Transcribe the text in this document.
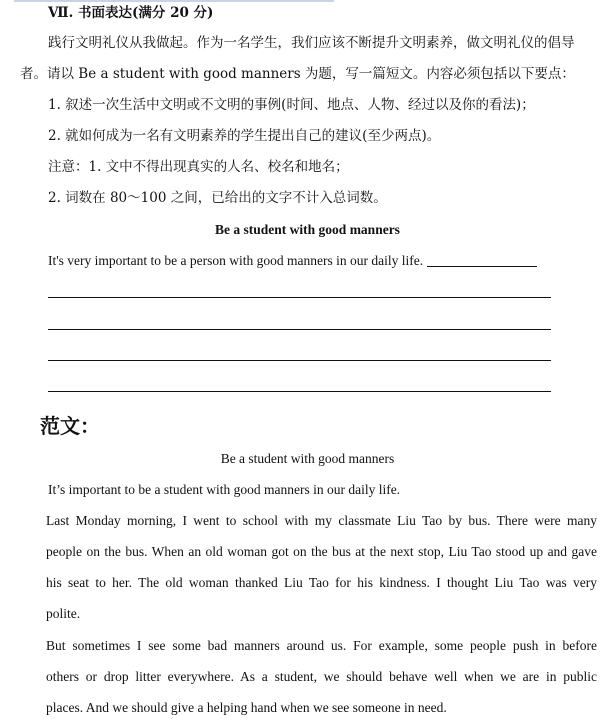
Ⅶ. 书面表达(满分 20 分)
践行文明礼仪从我做起。作为一名学生，我们应该不断提升文明素养，做文明礼仪的倡导
者。请以 Be a student with good manners 为题，写一篇短文。内容必须包括以下要点：
1. 叙述一次生活中文明或不文明的事例(时间、地点、人物、经过以及你的看法)；
2. 就如何成为一名有文明素养的学生提出自己的建议(至少两点)。
注意：1. 文中不得出现真实的人名、校名和地名；
2. 词数在 80～100 之间，已给出的文字不计入总词数。
Be a student with good manners
It's very important to be a person with good manners in our daily life.
范文：
Be a student with good manners
It’s important to be a student with good manners in our daily life.
Last Monday morning, I went to school with my classmate Liu Tao by bus. There were many
people on the bus. When an old woman got on the bus at the next stop, Liu Tao stood up and gave
his seat to her. The old woman thanked Liu Tao for his kindness. I thought Liu Tao was very
polite.
But sometimes I see some bad manners around us. For example, some people push in before
others or drop litter everywhere. As a student, we should behave well when we are in public
places. And we should give a helping hand when we see someone in need.
